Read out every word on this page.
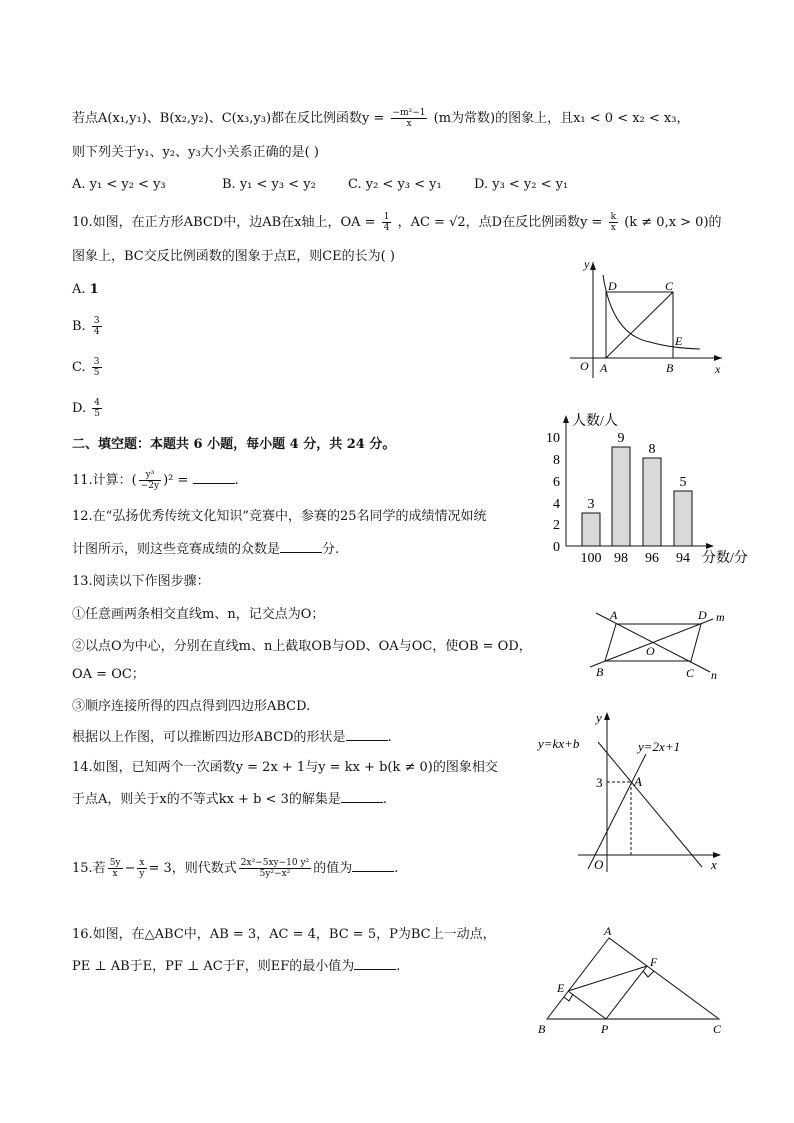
若点A(x₁,y₁)、B(x₂,y₂)、C(x₃,y₃)都在反比例函数$y = \frac{\text{−m²−1}}{x} (m$为常数)的图象上，且x₁ < 0 < x₂ < x₃，
则下列关于y₁、y₂、y₃大小关系正确的是( )
A. y₁ < y₂ < y₃	B. y₁ < y₃ < y₂ C. y₂ < y₃ < y₁ D. y₃ < y₂ < y₁
10.如图，在正方形ABCD中，边AB在x轴上，OA = $\frac{1}{4}$ ，AC = √2，点D在反比例函数$y = \frac{k}{x} (k \ne 0,x > 0)$的
图象上，BC交反比例函数的图象于点E，则CE的长为( )
A. 1
B. $\frac{3}{4}$
C. $\frac{3}{5}$
D. $\frac{4}{5}$
y
x
O A	B
C
D
E
二、填空题：本题共 6 小题，每小题 4 分，共 24 分。
11.计算：( $\frac{\text{y³}}{-2y} )^2$ =	.
12.在“弘扬优秀传统文化知识”竞赛中，参赛的25名同学的成绩情况如统
计图所示，则这些竞赛成绩的众数是	分.
人数/人
分数/分
0
2
4
6
8
10
3
9
8
5
100 98 96 94
13.阅读以下作图步骤：
①任意画两条相交直线m、n，记交点为O；
②以点O为中心，分别在直线m、n上截取OB与OD、OA与OC，使OB = OD，
OA = OC；
③顺序连接所得的四点得到四边形ABCD.
根据以上作图，可以推断四边形ABCD的形状是	.
A
B	C
D
O
m
n
14.如图，已知两个一次函数y = 2x + 1与y = kx + b(k ≠ 0)的图象相交
于点A，则关于x的不等式kx + b < 3的解集是	.
y=kx+b	y=2x+1
3 A
O	x
y
15.若 $\frac{5y}{x} - \frac{x}{y} = 3$，则代数式 $\frac{\text{2x²−5xy−10 y²}}{\text{5y²−x²}}$ 的值为	.
16.如图，在△ABC中，AB = 3，AC = 4，BC = 5，P为BC上一动点，
PE ⊥ AB于E，PF ⊥ AC于F，则EF的最小值为	.
A
B	C
E
F
P
